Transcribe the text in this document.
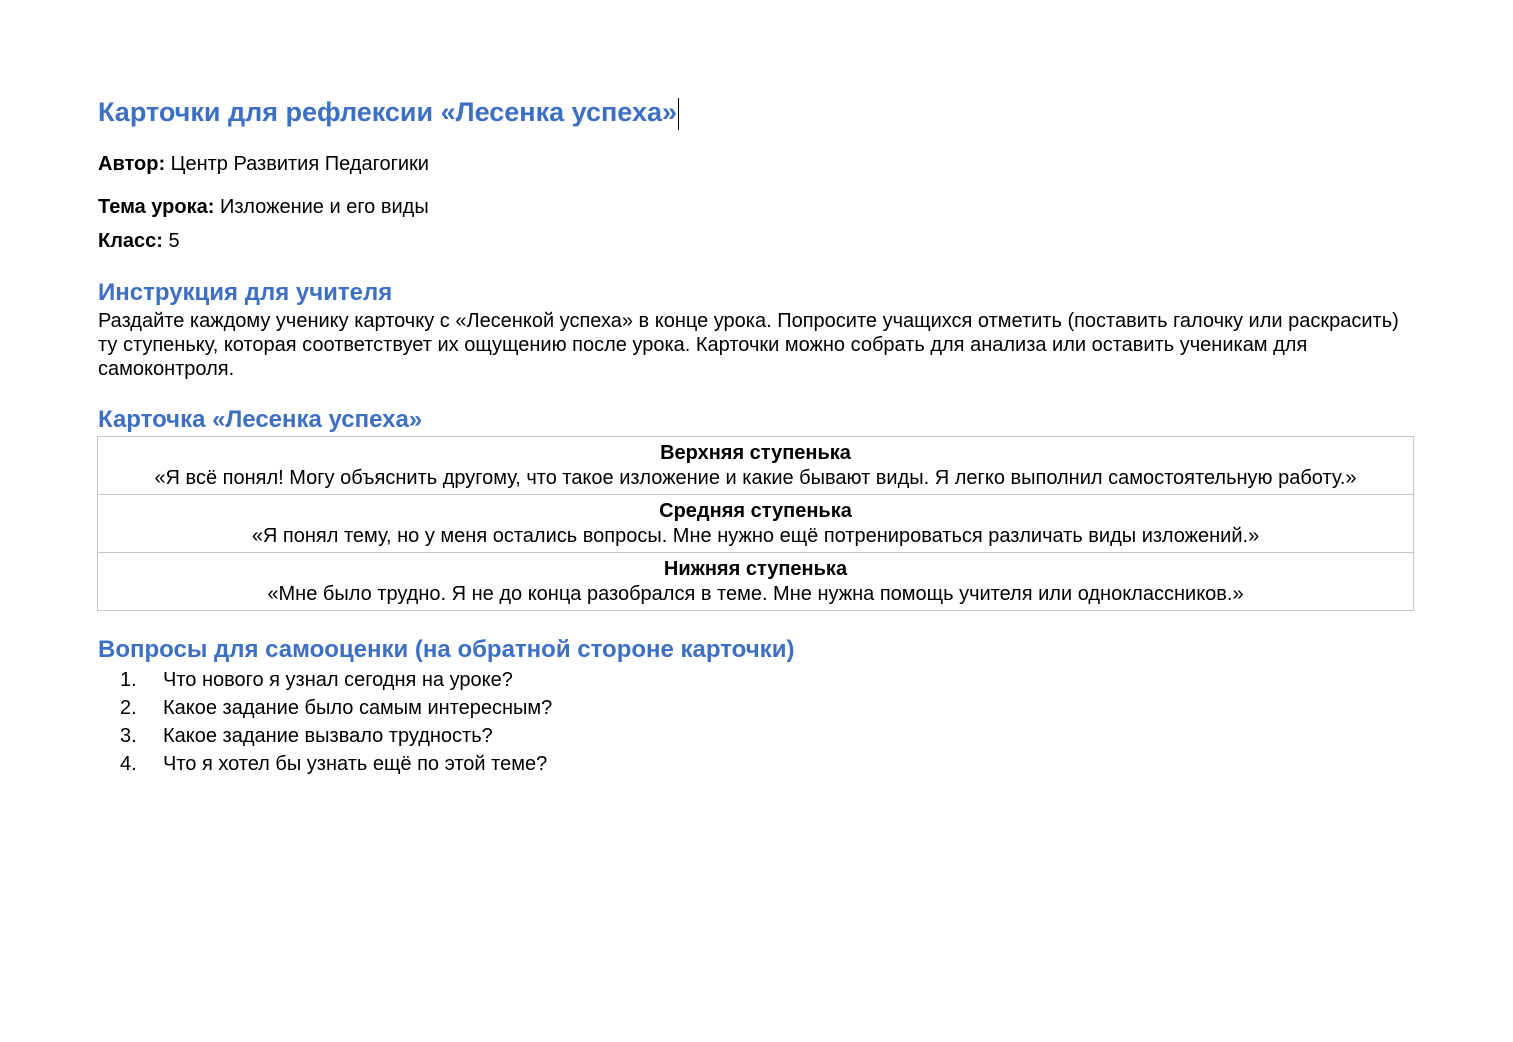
Карточки для рефлексии «Лесенка успеха»

Автор: Центр Развития Педагогики

Тема урока: Изложение и его виды

Класс: 5

Инструкция для учителя

Раздайте каждому ученику карточку с «Лесенкой успеха» в конце урока. Попросите учащихся отметить (поставить галочку или раскрасить) ту ступеньку, которая соответствует их ощущению после урока. Карточки можно собрать для анализа или оставить ученикам для самоконтроля.

Карточка «Лесенка успеха»
Верхняя ступенька
«Я всё понял! Могу объяснить другому, что такое изложение и какие бывают виды. Я легко выполнил самостоятельную работу.»

Средняя ступенька
«Я понял тему, но у меня остались вопросы. Мне нужно ещё потренироваться различать виды изложений.»

Нижняя ступенька
«Мне было трудно. Я не до конца разобрался в теме. Мне нужна помощь учителя или одноклассников.»
Вопросы для самооценки (на обратной стороне карточки)
1. Что нового я узнал сегодня на уроке?
2. Какое задание было самым интересным?
3. Какое задание вызвало трудность?
4. Что я хотел бы узнать ещё по этой теме?
